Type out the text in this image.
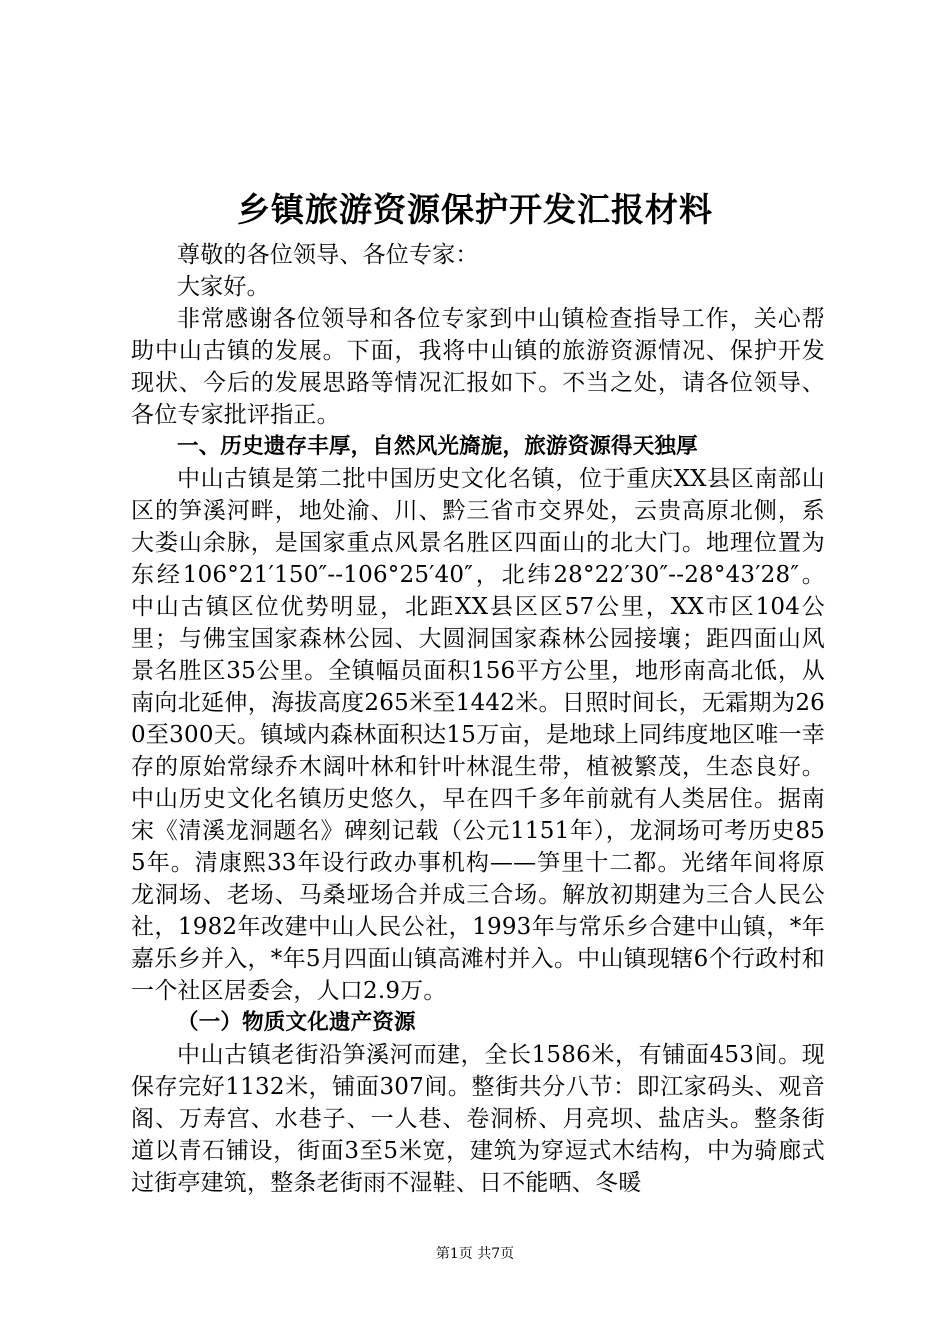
乡镇旅游资源保护开发汇报材料

尊敬的各位领导、各位专家：

大家好。

非常感谢各位领导和各位专家到中山镇检查指导工作，关心帮助中山古镇的发展。下面，我将中山镇的旅游资源情况、保护开发现状、今后的发展思路等情况汇报如下。不当之处，请各位领导、各位专家批评指正。

一、历史遗存丰厚，自然风光旖旎，旅游资源得天独厚

中山古镇是第二批中国历史文化名镇，位于重庆XX县区南部山区的笋溪河畔，地处渝、川、黔三省市交界处，云贵高原北侧，系大娄山余脉，是国家重点风景名胜区四面山的北大门。地理位置为东经106°21′150″--106°25′40″，北纬28°22′30″--28°43′28″。中山古镇区位优势明显，北距XX县区区57公里，XX市区104公里；与佛宝国家森林公园、大圆洞国家森林公园接壤；距四面山风景名胜区35公里。全镇幅员面积156平方公里，地形南高北低，从南向北延伸，海拔高度265米至1442米。日照时间长，无霜期为260至300天。镇域内森林面积达15万亩，是地球上同纬度地区唯一幸存的原始常绿乔木阔叶林和针叶林混生带，植被繁茂，生态良好。中山历史文化名镇历史悠久，早在四千多年前就有人类居住。据南宋《清溪龙洞题名》碑刻记载（公元1151年），龙洞场可考历史855年。清康熙33年设行政办事机构——笋里十二都。光绪年间将原龙洞场、老场、马桑垭场合并成三合场。解放初期建为三合人民公社，1982年改建中山人民公社，1993年与常乐乡合建中山镇，*年嘉乐乡并入，*年5月四面山镇高滩村并入。中山镇现辖6个行政村和一个社区居委会，人口2.9万。

（一）物质文化遗产资源

中山古镇老街沿笋溪河而建，全长1586米，有铺面453间。现保存完好1132米，铺面307间。整街共分八节：即江家码头、观音阁、万寿宫、水巷子、一人巷、卷洞桥、月亮坝、盐店头。整条街道以青石铺设，街面3至5米宽，建筑为穿逗式木结构，中为骑廊式过街亭建筑，整条老街雨不湿鞋、日不能晒、冬暖

第1页 共7页
